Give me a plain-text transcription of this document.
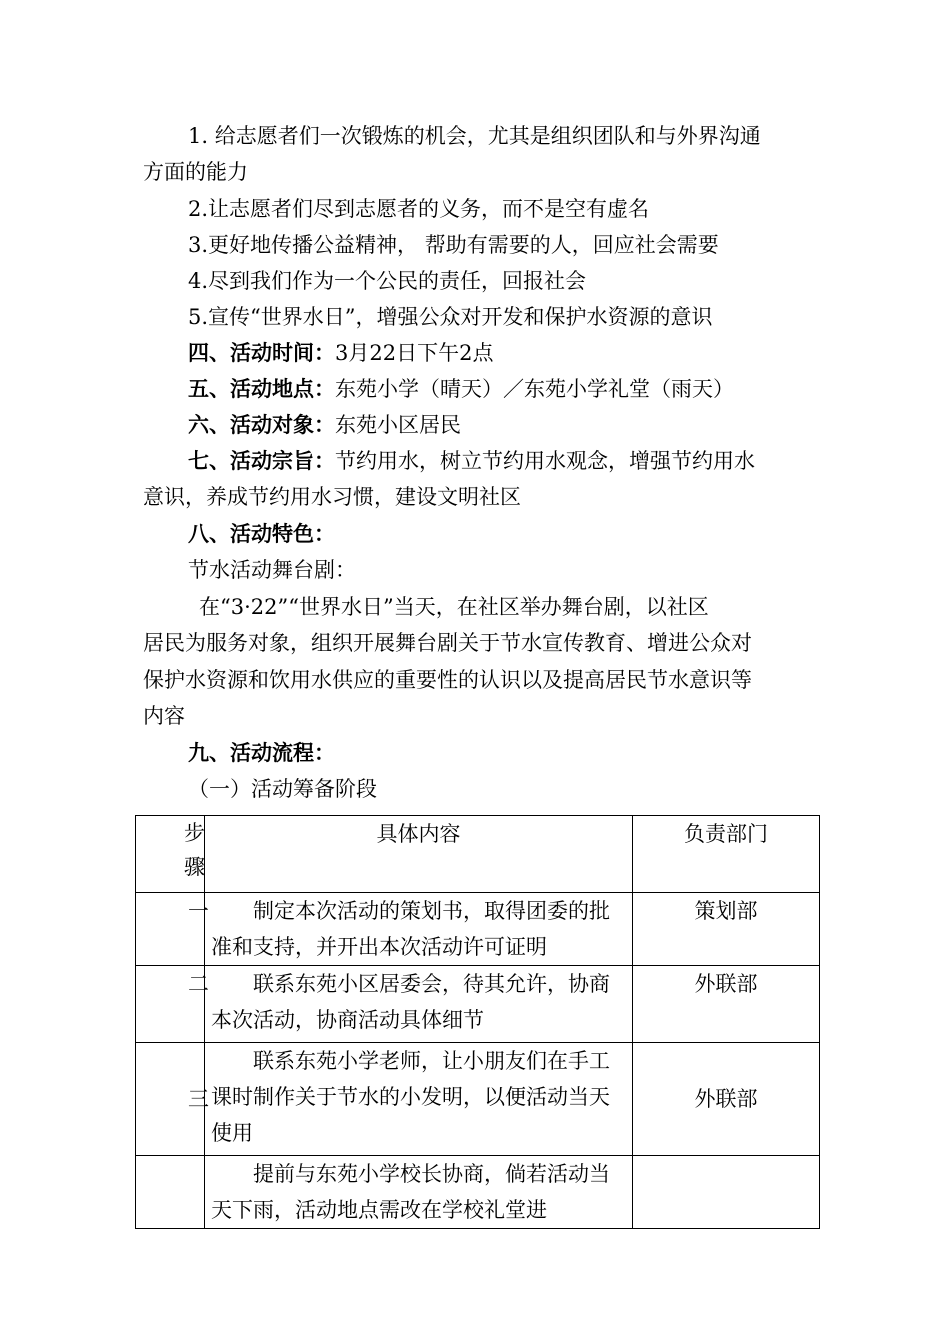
1. 给志愿者们一次锻炼的机会，尤其是组织团队和与外界沟通
方面的能力
2.让志愿者们尽到志愿者的义务，而不是空有虚名
3.更好地传播公益精神， 帮助有需要的人，回应社会需要
4.尽到我们作为一个公民的责任，回报社会
5.宣传“世界水日”，增强公众对开发和保护水资源的意识
四、活动时间：3月22日下午2点
五、活动地点：东苑小学（晴天）／东苑小学礼堂（雨天）
六、活动对象：东苑小区居民
七、活动宗旨：节约用水，树立节约用水观念，增强节约用水
意识，养成节约用水习惯，建设文明社区
八、活动特色：
节水活动舞台剧：
在“3·22”“世界水日”当天，在社区举办舞台剧，以社区
居民为服务对象，组织开展舞台剧关于节水宣传教育、增进公众对
保护水资源和饮用水供应的重要性的认识以及提高居民节水意识等
内容
九、活动流程：
（一）活动筹备阶段
步骤	具体内容	负责部门
一	制定本次活动的策划书，取得团委的批准和支持，并开出本次活动许可证明	策划部
二	联系东苑小区居委会，待其允许，协商本次活动，协商活动具体细节	外联部
三	联系东苑小学老师，让小朋友们在手工课时制作关于节水的小发明，以便活动当天使用	外联部
	提前与东苑小学校长协商，倘若活动当天下雨，活动地点需改在学校礼堂进	
